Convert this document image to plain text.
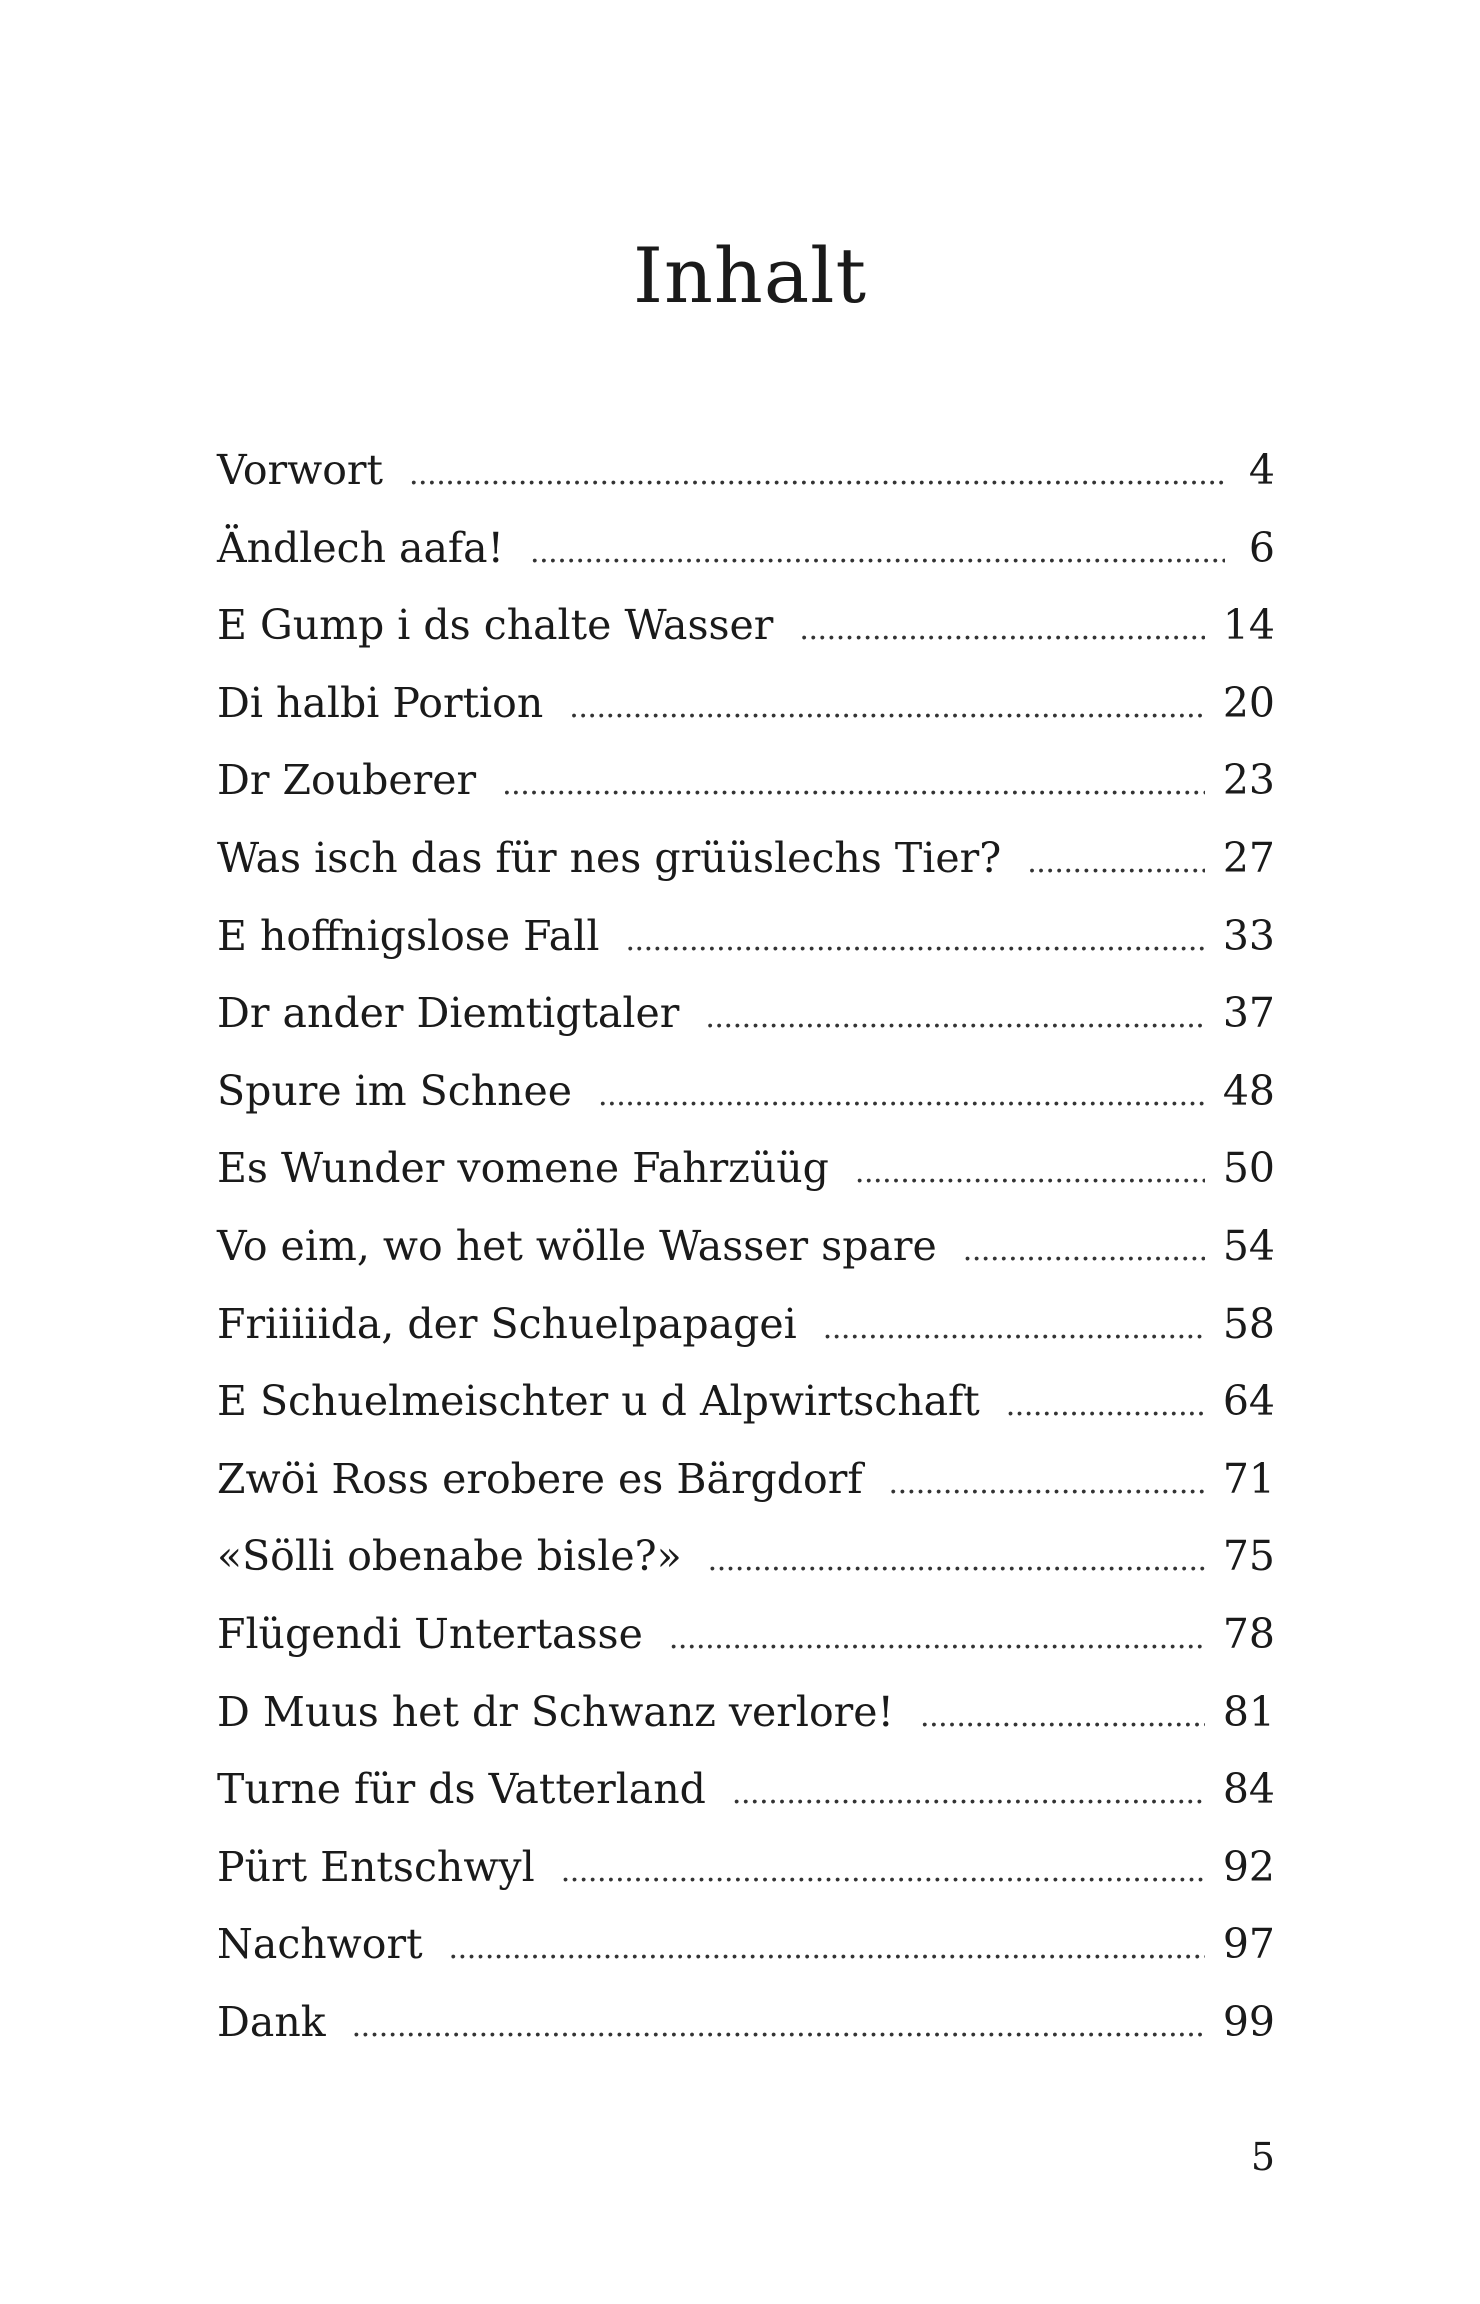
Inhalt
Vorwort . . .	4
Ändlech aafa! . . .	6
E Gump i ds chalte Wasser . . .	14
Di halbi Portion . . .	20
Dr Zouberer . . .	23
Was isch das für nes grüüslechs Tier? . . .	27
E hoffnigslose Fall . . .	33
Dr ander Diemtigtaler . . .	37
Spure im Schnee . . .	48
Es Wunder vomene Fahrzüüg . . .	50
Vo eim, wo het wölle Wasser spare . . .	54
Friiiiida, der Schuelpapagei . . .	58
E Schuelmeischter u d Alpwirtschaft . . .	64
Zwöi Ross erobere es Bärgdorf . . .	71
«Sölli obenabe bisle?» . . .	75
Flügendi Untertasse . . .	78
D Muus het dr Schwanz verlore! . . .	81
Turne für ds Vatterland . . .	84
Pürt Entschwyl . . .	92
Nachwort . . .	97
Dank . . .	99
5
